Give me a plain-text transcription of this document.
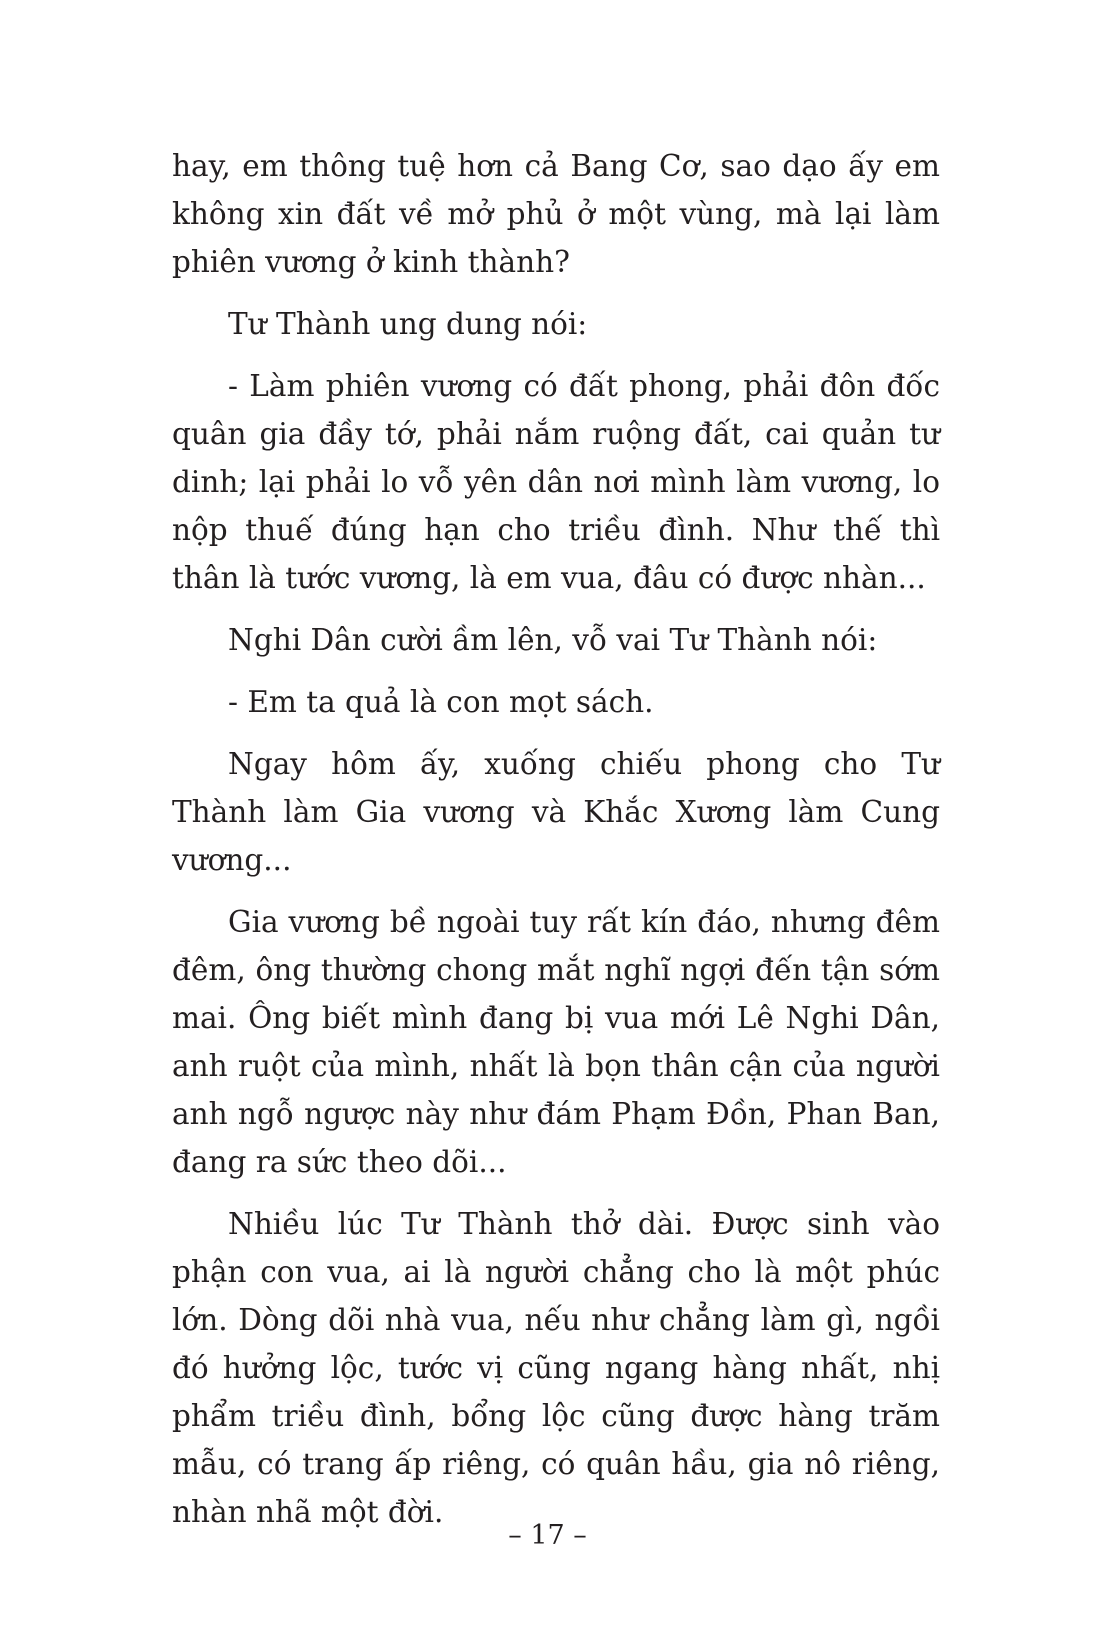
hay, em thông tuệ hơn cả Bang Cơ, sao dạo ấy em không xin đất về mở phủ ở một vùng, mà lại làm phiên vương ở kinh thành?

Tư Thành ung dung nói:

- Làm phiên vương có đất phong, phải đôn đốc quân gia đầy tớ, phải nắm ruộng đất, cai quản tư dinh; lại phải lo vỗ yên dân nơi mình làm vương, lo nộp thuế đúng hạn cho triều đình. Như thế thì thân là tước vương, là em vua, đâu có được nhàn...

Nghi Dân cười ầm lên, vỗ vai Tư Thành nói:

- Em ta quả là con mọt sách.

Ngay hôm ấy, xuống chiếu phong cho Tư Thành làm Gia vương và Khắc Xương làm Cung vương...

Gia vương bề ngoài tuy rất kín đáo, nhưng đêm đêm, ông thường chong mắt nghĩ ngợi đến tận sớm mai. Ông biết mình đang bị vua mới Lê Nghi Dân, anh ruột của mình, nhất là bọn thân cận của người anh ngỗ ngược này như đám Phạm Đồn, Phan Ban, đang ra sức theo dõi...

Nhiều lúc Tư Thành thở dài. Được sinh vào phận con vua, ai là người chẳng cho là một phúc lớn. Dòng dõi nhà vua, nếu như chẳng làm gì, ngồi đó hưởng lộc, tước vị cũng ngang hàng nhất, nhị phẩm triều đình, bổng lộc cũng được hàng trăm mẫu, có trang ấp riêng, có quân hầu, gia nô riêng, nhàn nhã một đời.

– 17 –
